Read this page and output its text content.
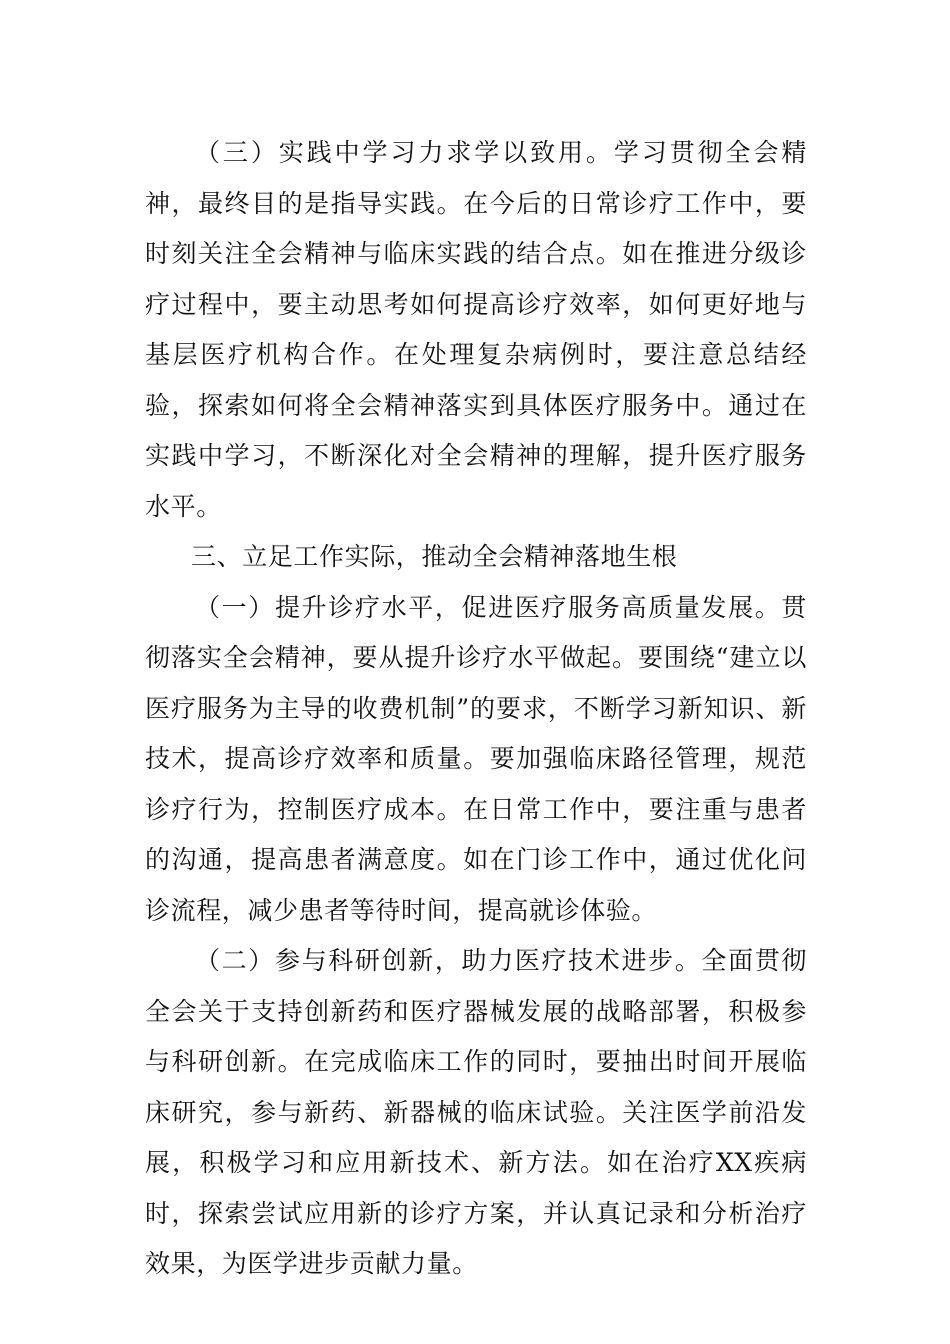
（三）实践中学习力求学以致用。学习贯彻全会精神，最终目的是指导实践。在今后的日常诊疗工作中，要时刻关注全会精神与临床实践的结合点。如在推进分级诊疗过程中，要主动思考如何提高诊疗效率，如何更好地与基层医疗机构合作。在处理复杂病例时，要注意总结经验，探索如何将全会精神落实到具体医疗服务中。通过在实践中学习，不断深化对全会精神的理解，提升医疗服务水平。

三、立足工作实际，推动全会精神落地生根

（一）提升诊疗水平，促进医疗服务高质量发展。贯彻落实全会精神，要从提升诊疗水平做起。要围绕“建立以医疗服务为主导的收费机制”的要求，不断学习新知识、新技术，提高诊疗效率和质量。要加强临床路径管理，规范诊疗行为，控制医疗成本。在日常工作中，要注重与患者的沟通，提高患者满意度。如在门诊工作中，通过优化问诊流程，减少患者等待时间，提高就诊体验。

（二）参与科研创新，助力医疗技术进步。全面贯彻全会关于支持创新药和医疗器械发展的战略部署，积极参与科研创新。在完成临床工作的同时，要抽出时间开展临床研究，参与新药、新器械的临床试验。关注医学前沿发展，积极学习和应用新技术、新方法。如在治疗XX疾病时，探索尝试应用新的诊疗方案，并认真记录和分析治疗效果，为医学进步贡献力量。
